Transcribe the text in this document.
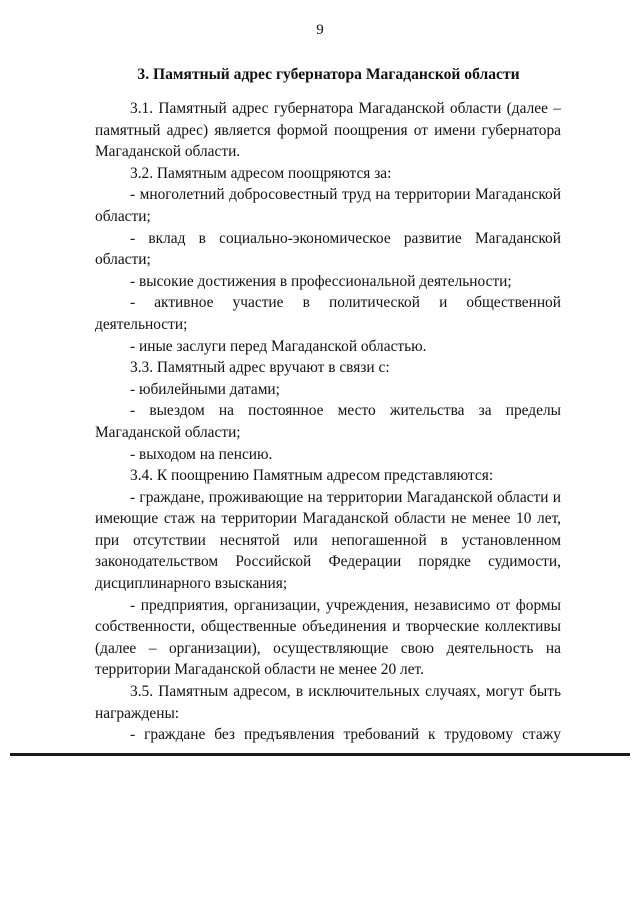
9
3. Памятный адрес губернатора Магаданской области

3.1. Памятный адрес губернатора Магаданской области (далее – памятный адрес) является формой поощрения от имени губернатора Магаданской области.

3.2. Памятным адресом поощряются за:

- многолетний добросовестный труд на территории Магаданской области;

- вклад в социально-экономическое развитие Магаданской области;

- высокие достижения в профессиональной деятельности;

- активное участие в политической и общественной деятельности;

- иные заслуги перед Магаданской областью.

3.3. Памятный адрес вручают в связи с:

- юбилейными датами;

- выездом на постоянное место жительства за пределы Магаданской области;

- выходом на пенсию.

3.4. К поощрению Памятным адресом представляются:

- граждане, проживающие на территории Магаданской области и имеющие стаж на территории Магаданской области не менее 10 лет, при отсутствии неснятой или непогашенной в установленном законодательством Российской Федерации порядке судимости, дисциплинарного взыскания;

- предприятия, организации, учреждения, независимо от формы собственности, общественные объединения и творческие коллективы (далее – организации), осуществляющие свою деятельность на территории Магаданской области не менее 20 лет.

3.5. Памятным адресом, в исключительных случаях, могут быть награждены:

- граждане без предъявления требований к трудовому стажу
